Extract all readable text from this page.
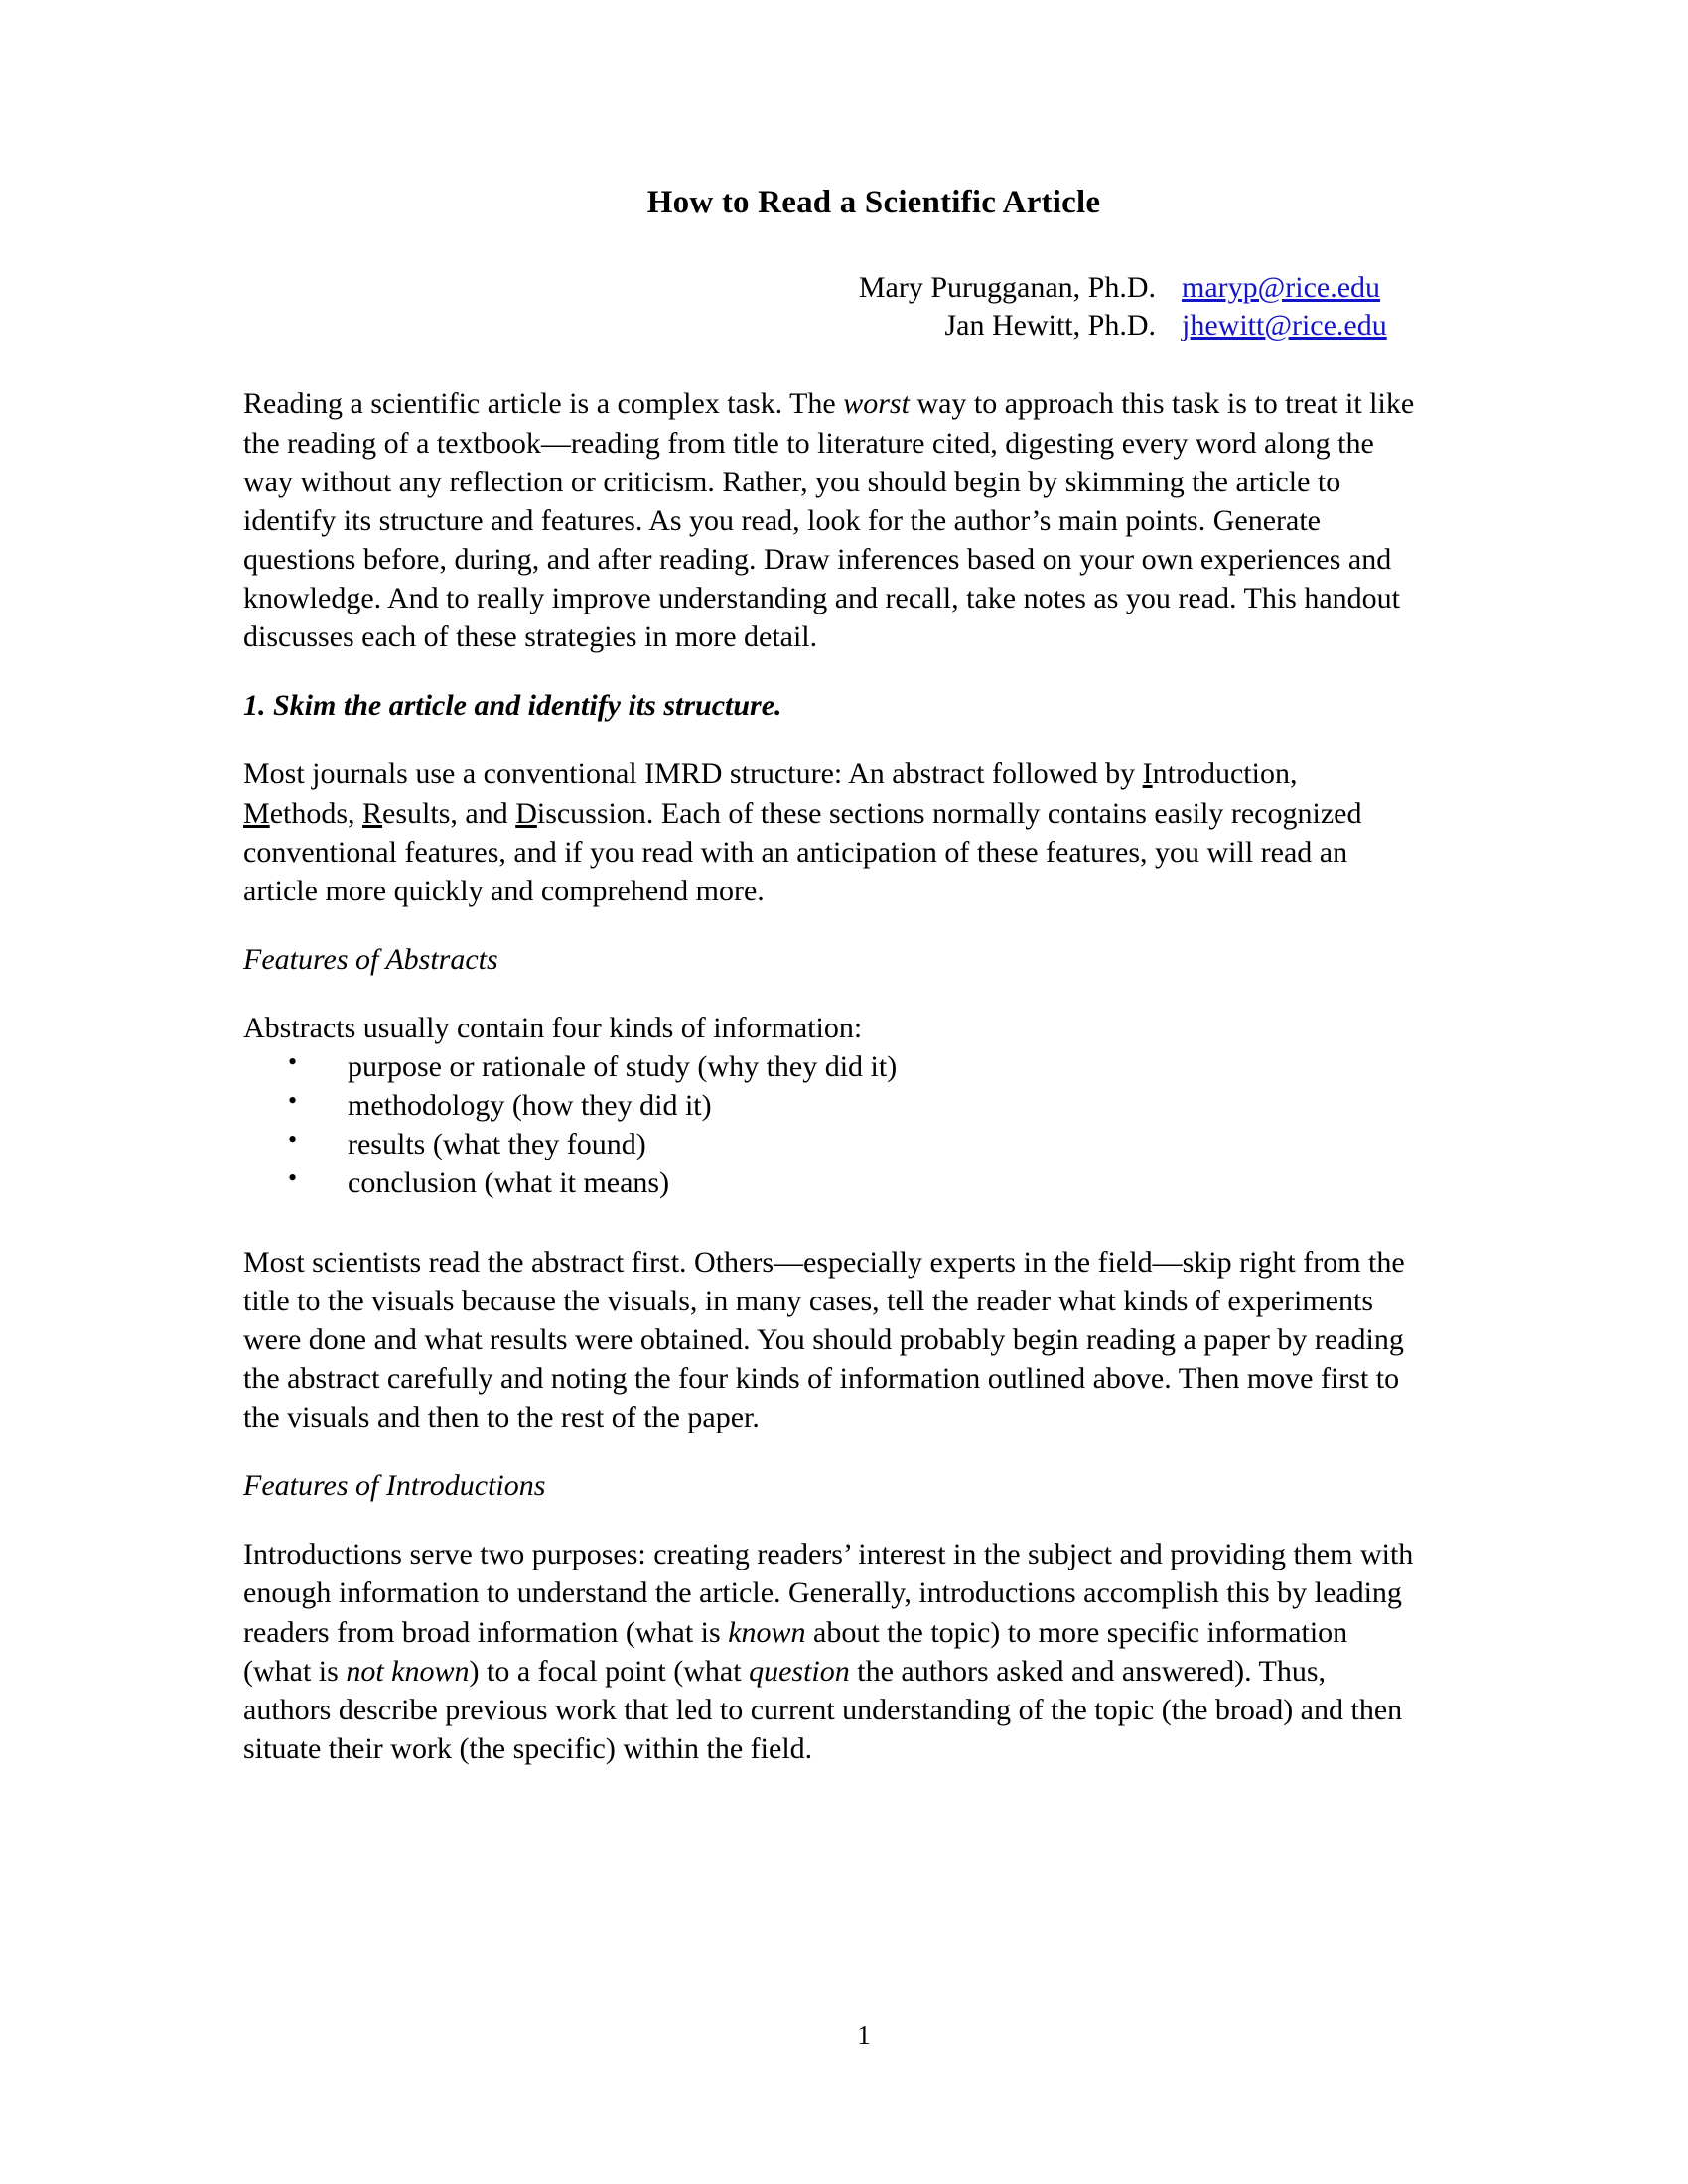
How to Read a Scientific Article
Mary Purugganan, Ph.D. maryp@rice.edu
Jan Hewitt, Ph.D. jhewitt@rice.edu

Reading a scientific article is a complex task. The worst way to approach this task is to treat it like the reading of a textbook—reading from title to literature cited, digesting every word along the way without any reflection or criticism. Rather, you should begin by skimming the article to identify its structure and features. As you read, look for the author’s main points. Generate questions before, during, and after reading. Draw inferences based on your own experiences and knowledge. And to really improve understanding and recall, take notes as you read. This handout discusses each of these strategies in more detail.

1. Skim the article and identify its structure.

Most journals use a conventional IMRD structure: An abstract followed by Introduction, Methods, Results, and Discussion. Each of these sections normally contains easily recognized conventional features, and if you read with an anticipation of these features, you will read an article more quickly and comprehend more.

Features of Abstracts

Abstracts usually contain four kinds of information:

• purpose or rationale of study (why they did it)
• methodology (how they did it)
• results (what they found)
• conclusion (what it means)

Most scientists read the abstract first. Others—especially experts in the field—skip right from the title to the visuals because the visuals, in many cases, tell the reader what kinds of experiments were done and what results were obtained. You should probably begin reading a paper by reading the abstract carefully and noting the four kinds of information outlined above. Then move first to the visuals and then to the rest of the paper.

Features of Introductions

Introductions serve two purposes: creating readers’ interest in the subject and providing them with enough information to understand the article. Generally, introductions accomplish this by leading readers from broad information (what is known about the topic) to more specific information (what is not known) to a focal point (what question the authors asked and answered). Thus, authors describe previous work that led to current understanding of the topic (the broad) and then situate their work (the specific) within the field.

1
